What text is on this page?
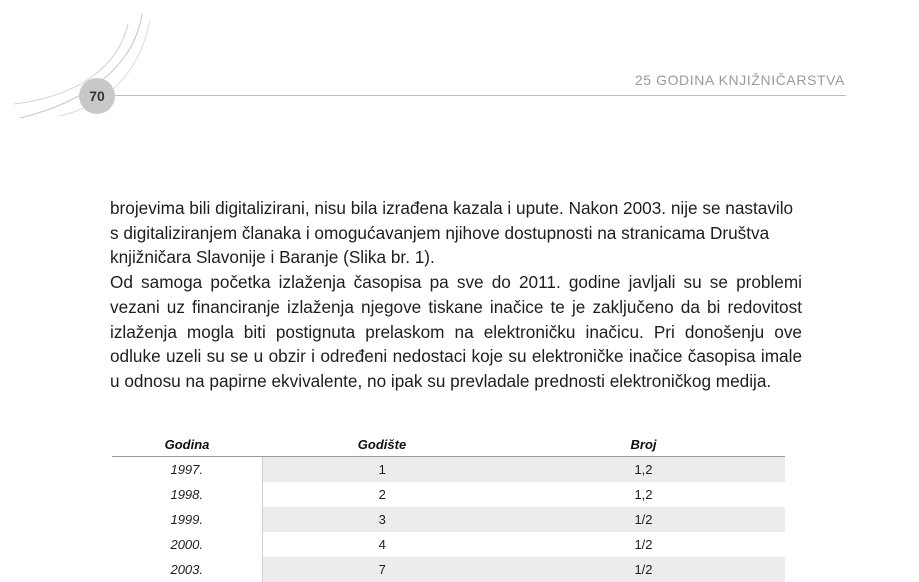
70
25 GODINA KNJIŽNIČARSTVA

brojevima bili digitalizirani, nisu bila izrađena kazala i upute. Nakon 2003. nije se nastavilo s digitaliziranjem članaka i omogućavanjem njihove dostupnosti na stranicama Društva knjižničara Slavonije i Baranje (Slika br. 1).

Od samoga početka izlaženja časopisa pa sve do 2011. godine javljali su se problemi vezani uz financiranje izlaženja njegove tiskane inačice te je zaključeno da bi redovitost izlaženja mogla biti postignuta prelaskom na elektroničku inačicu. Pri donošenju ove odluke uzeli su se u obzir i određeni nedostaci koje su elektroničke inačice časopisa imale u odnosu na papirne ekvivalente, no ipak su prevladale prednosti elektroničkog medija.

Godina	Godište	Broj
1997.	1	1,2
1998.	2	1,2
1999.	3	1/2
2000.	4	1/2
2003.	7	1/2
